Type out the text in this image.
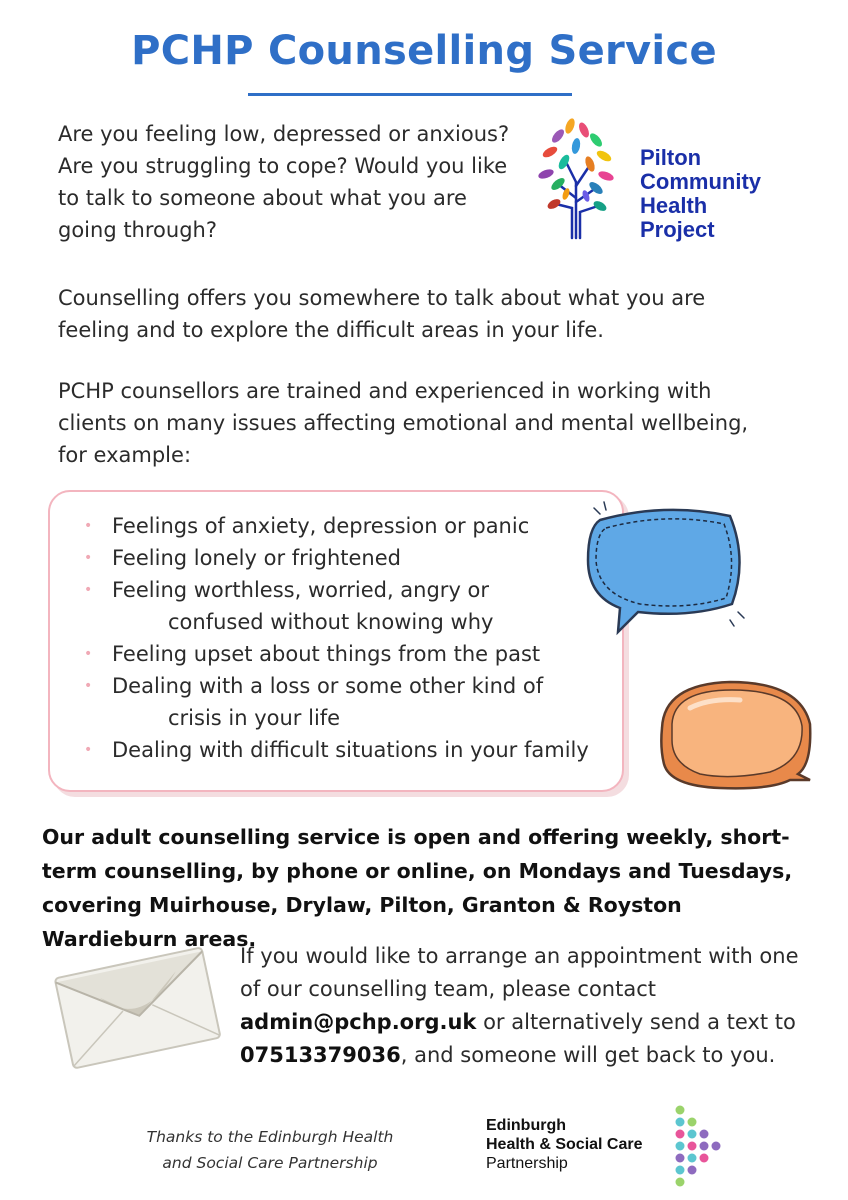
PCHP Counselling Service
Are you feeling low, depressed or anxious? Are you struggling to cope? Would you like to talk to someone about what you are going through?
Pilton
Community
Health
Project
Counselling offers you somewhere to talk about what you are feeling and to explore the difficult areas in your life.
PCHP counsellors are trained and experienced in working with clients on many issues affecting emotional and mental wellbeing, for example:
• Feelings of anxiety, depression or panic
• Feeling lonely or frightened
• Feeling worthless, worried, angry or
confused without knowing why
• Feeling upset about things from the past
• Dealing with a loss or some other kind of
crisis in your life
• Dealing with difficult situations in your family
Our adult counselling service is open and offering weekly, short-term counselling, by phone or online, on Mondays and Tuesdays, covering Muirhouse, Drylaw, Pilton, Granton & Royston Wardieburn areas.
If you would like to arrange an appointment with one of our counselling team, please contact admin@pchp.org.uk or alternatively send a text to 07513379036, and someone will get back to you.
Thanks to the Edinburgh Health
and Social Care Partnership
Edinburgh
Health & Social Care
Partnership
